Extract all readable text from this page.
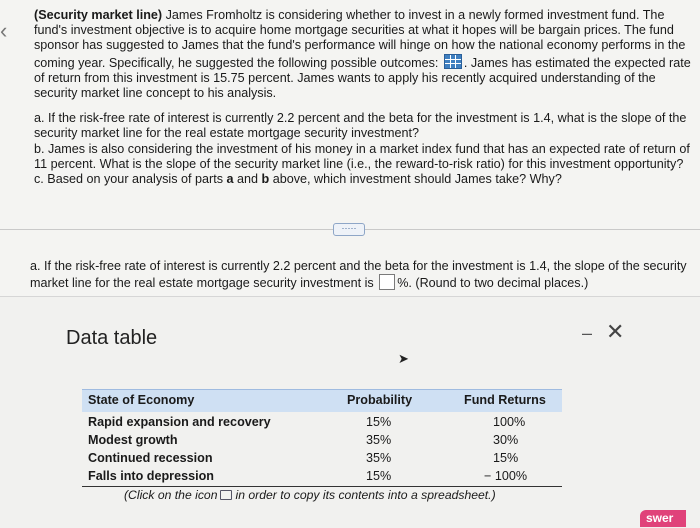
‹

(Security market line) James Fromholtz is considering whether to invest in a newly formed investment fund. The fund's investment objective is to acquire home mortgage securities at what it hopes will be bargain prices. The fund sponsor has suggested to James that the fund's performance will hinge on how the national economy performs in the coming year. Specifically, he suggested the following possible outcomes: . James has estimated the expected rate of return from this investment is 15.75 percent. James wants to apply his recently acquired understanding of the security market line concept to his analysis.

a. If the risk-free rate of interest is currently 2.2 percent and the beta for the investment is 1.4, what is the slope of the security market line for the real estate mortgage security investment?
b. James is also considering the investment of his money in a market index fund that has an expected rate of return of 11 percent. What is the slope of the security market line (i.e., the reward-to-risk ratio) for this investment opportunity?
c. Based on your analysis of parts a and b above, which investment should James take? Why?
·····
a. If the risk-free rate of interest is currently 2.2 percent and the beta for the investment is 1.4, the slope of the security market line for the real estate mortgage security investment is %. (Round to two decimal places.)
Data table	– ✕
➤
State of Economy	Probability	Fund Returns
Rapid expansion and recovery	15%	100%
Modest growth	35%	30%
Continued recession	35%	15%
Falls into depression	15%	− 100%
(Click on the icon in order to copy its contents into a spreadsheet.)
swer
